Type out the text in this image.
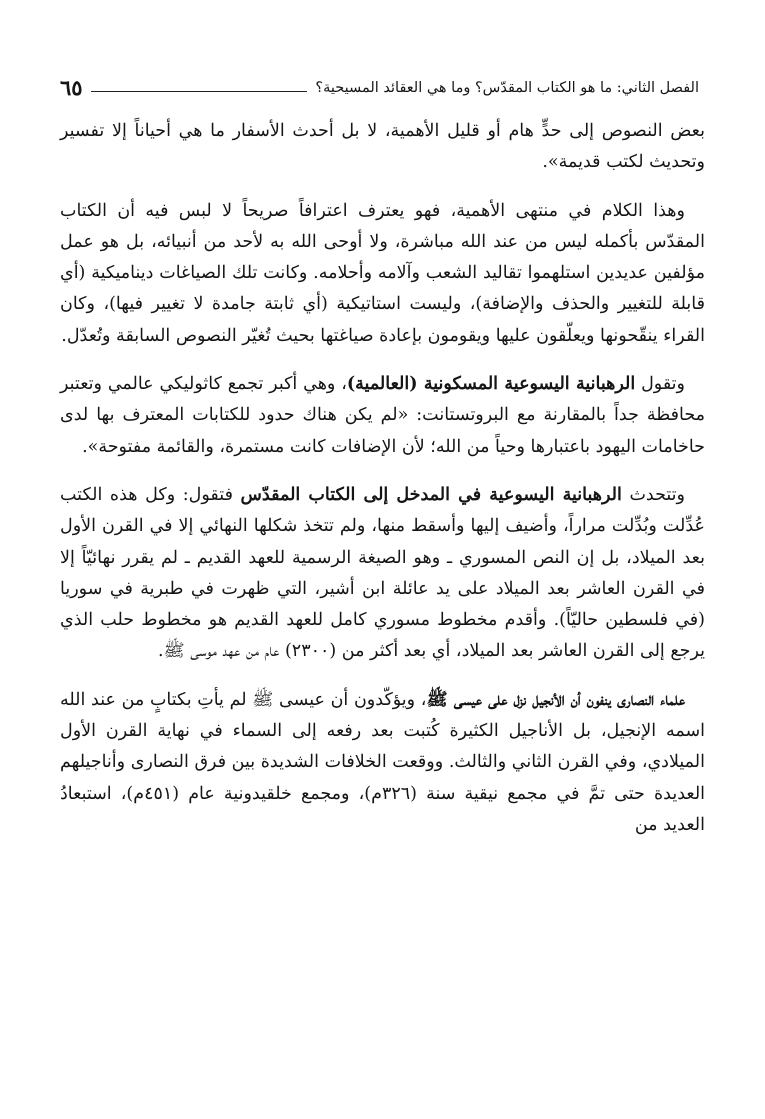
الفصل الثاني: ما هو الكتاب المقدّس؟ وما هي العقائد المسيحية؟
٦٥

بعض النصوص إلى حدٍّ هام أو قليل الأهمية، لا بل أحدث الأسفار ما هي أحياناً إلا تفسير وتحديث لكتب قديمة».

وهذا الكلام في منتهى الأهمية، فهو يعترف اعترافاً صريحاً لا لبس فيه أن الكتاب المقدّس بأكمله ليس من عند الله مباشرة، ولا أوحى الله به لأحد من أنبيائه، بل هو عمل مؤلفين عديدين استلهموا تقاليد الشعب وآلامه وأحلامه. وكانت تلك الصياغات ديناميكية (أي قابلة للتغيير والحذف والإضافة)، وليست استاتيكية (أي ثابتة جامدة لا تغيير فيها)، وكان القراء ينقّحونها ويعلّقون عليها ويقومون بإعادة صياغتها بحيث تُغيّر النصوص السابقة وتُعدّل.

وتقول الرهبانية اليسوعية المسكونية (العالمية)، وهي أكبر تجمع كاثوليكي عالمي وتعتبر محافظة جداً بالمقارنة مع البروتستانت: «لم يكن هناك حدود للكتابات المعترف بها لدى حاخامات اليهود باعتبارها وحياً من الله؛ لأن الإضافات كانت مستمرة، والقائمة مفتوحة».

وتتحدث الرهبانية اليسوعية في المدخل إلى الكتاب المقدّس فتقول: وكل هذه الكتب عُدِّلت وبُدِّلت مراراً، وأضيف إليها وأسقط منها، ولم تتخذ شكلها النهائي إلا في القرن الأول بعد الميلاد، بل إن النص المسوري ـ وهو الصيغة الرسمية للعهد القديم ـ لم يقرر نهائيّاً إلا في القرن العاشر بعد الميلاد على يد عائلة ابن أشير، التي ظهرت في طبرية في سوريا (في فلسطين حاليّاً). وأقدم مخطوط مسوري كامل للعهد القديم هو مخطوط حلب الذي يرجع إلى القرن العاشر بعد الميلاد، أي بعد أكثر من (٢٣٠٠) عام من عهد موسى ﷺ.

علماء النصارى ينفون أن الأنجيل نزل على عيسى ﷺ، ويؤكّدون أن عيسى ﷺ لم يأتِ بكتابٍ من عند الله اسمه الإنجيل، بل الأناجيل الكثيرة كُتبت بعد رفعه إلى السماء في نهاية القرن الأول الميلادي، وفي القرن الثاني والثالث. ووقعت الخلافات الشديدة بين فرق النصارى وأناجيلهم العديدة حتى تمَّ في مجمع نيقية سنة (٣٢٦م)، ومجمع خلقيدونية عام (٤٥١م)، استبعادُ العديد من
